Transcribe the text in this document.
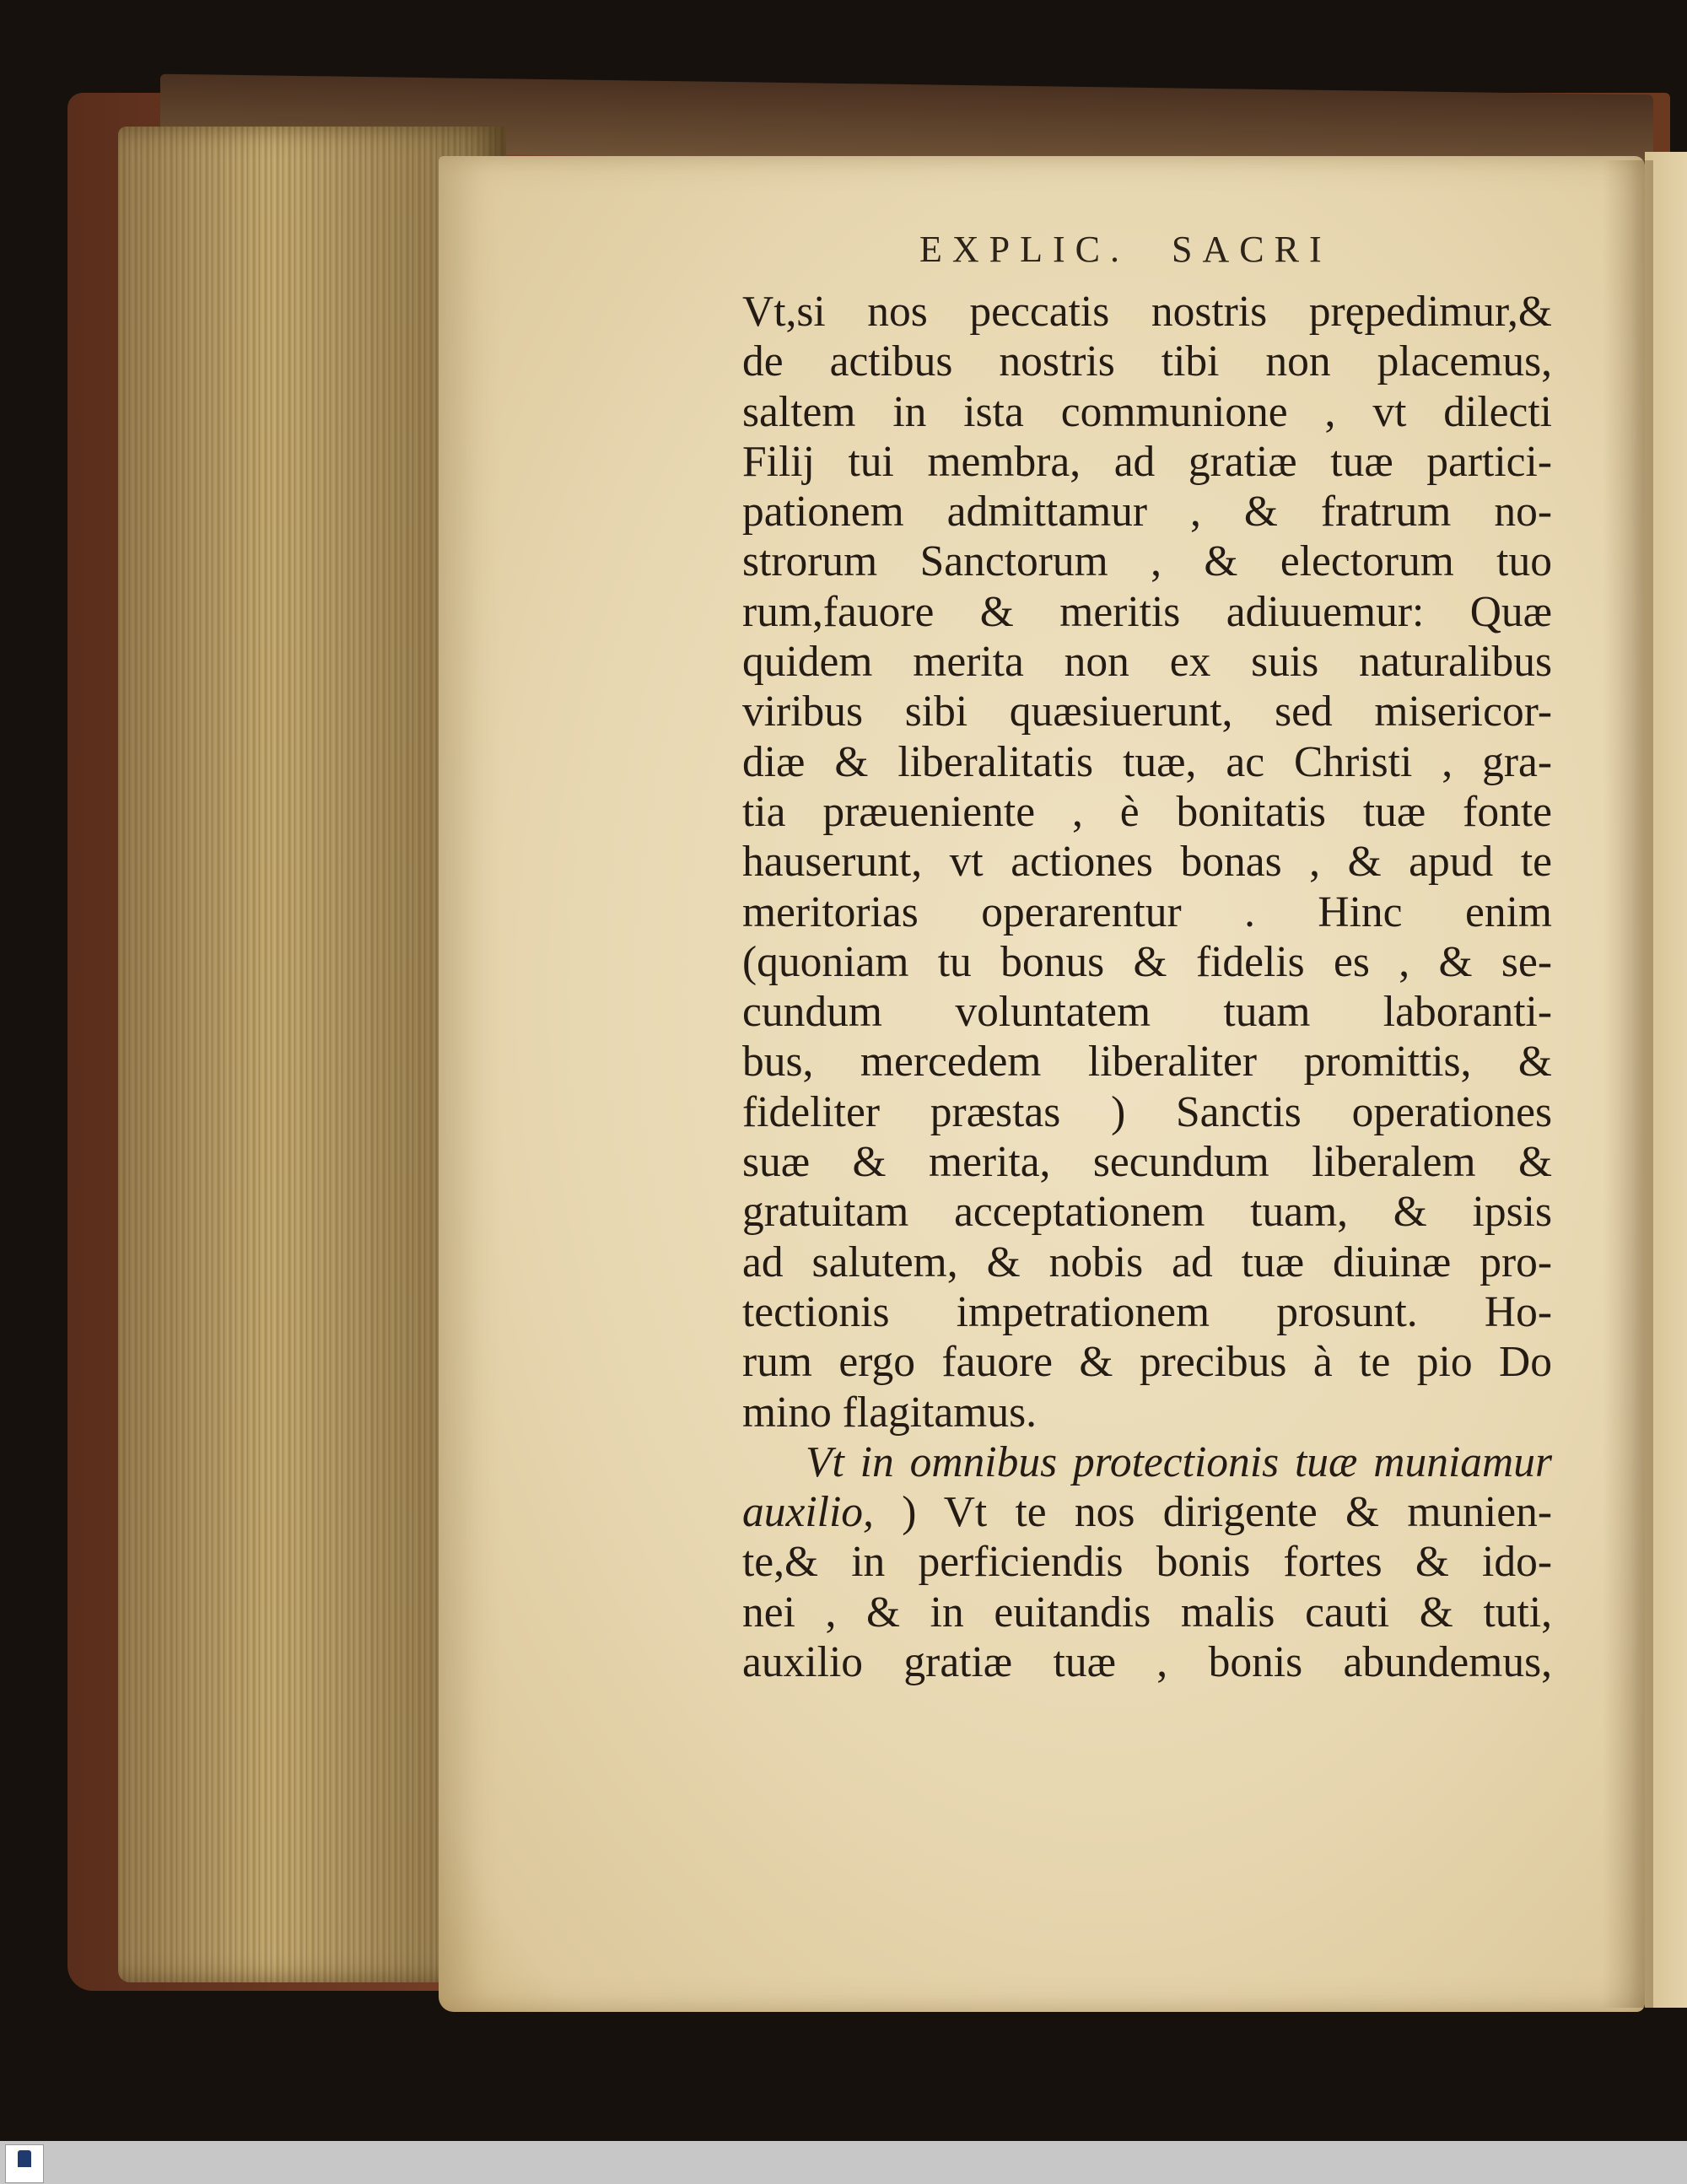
EXPLIC. SACRI
Vt,si nos peccatis nostris prępedimur,&
de actibus nostris tibi non placemus,
saltem in ista communione , vt dilecti
Filij tui membra, ad gratiæ tuæ partici-
pationem admittamur , & fratrum no-
strorum Sanctorum , & electorum tuo
rum,fauore & meritis adiuuemur: Quæ
quidem merita non ex suis naturalibus
viribus sibi quæsiuerunt, sed misericor-
diæ & liberalitatis tuæ, ac Christi , gra-
tia præueniente , è bonitatis tuæ fonte
hauserunt, vt actiones bonas , & apud te
meritorias operarentur . Hinc enim
(quoniam tu bonus & fidelis es , & se-
cundum voluntatem tuam laboranti-
bus, mercedem liberaliter promittis, &
fideliter præstas ) Sanctis operationes
suæ & merita, secundum liberalem &
gratuitam acceptationem tuam, & ipsis
ad salutem, & nobis ad tuæ diuinæ pro-
tectionis impetrationem prosunt. Ho-
rum ergo fauore & precibus à te pio Do
mino flagitamus.
Vt in omnibus protectionis tuæ muniamur
auxilio, ) Vt te nos dirigente & munien-
te,& in perficiendis bonis fortes & ido-
nei , & in euitandis malis cauti & tuti,
auxilio gratiæ tuæ , bonis abundemus,
